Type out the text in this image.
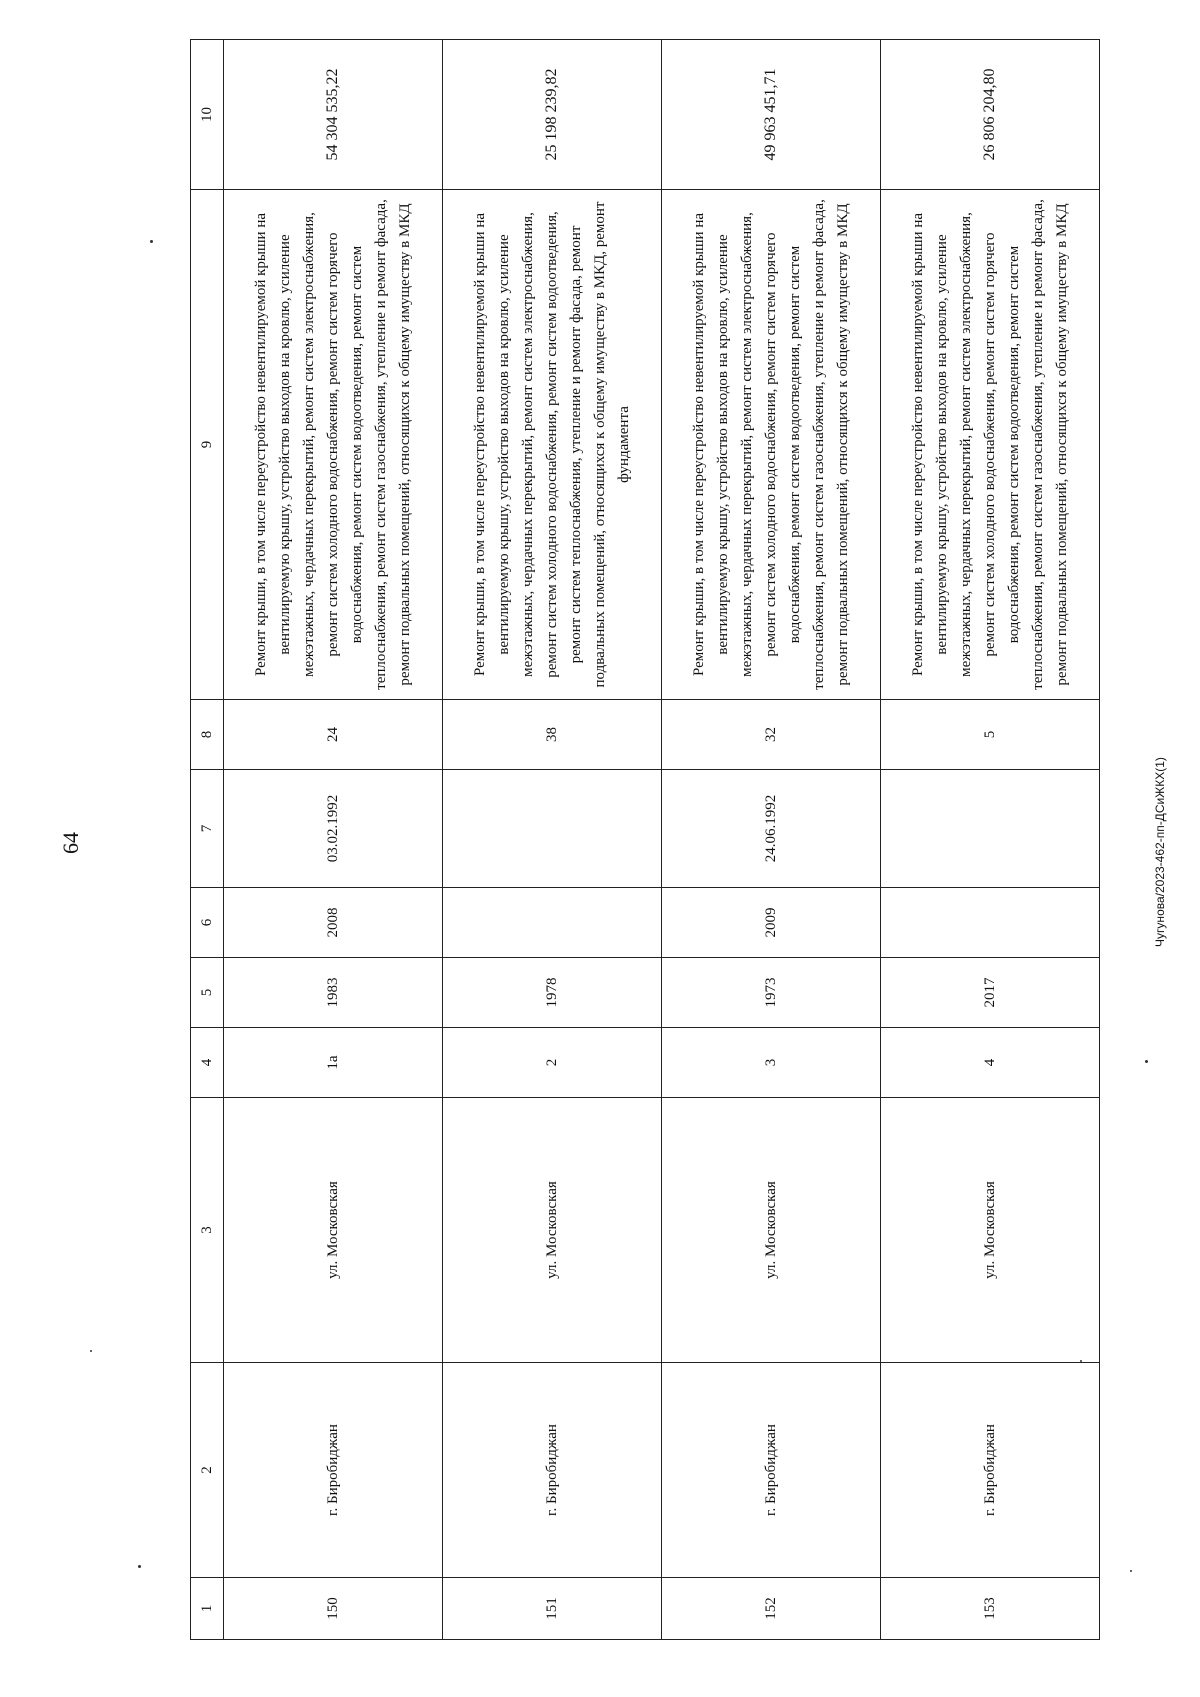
64	Чугунова/2023-462-пп-ДСиЖКХ(1)
1	2	3	4	5	6	7	8	9	10
150	г. Биробиджан	ул. Московская	1а	1983	2008	03.02.1992	24	Ремонт крыши, в том числе переустройство невентилируемой крыши на вентилируемую крышу, устройство выходов на кровлю, усиление межэтажных, чердачных перекрытий, ремонт систем электроснабжения, ремонт систем холодного водоснабжения, ремонт систем горячего водоснабжения, ремонт систем водоотведения, ремонт систем теплоснабжения, ремонт систем газоснабжения, утепление и ремонт фасада, ремонт подвальных помещений, относящихся к общему имуществу в МКД	54 304 535,22
151	г. Биробиджан	ул. Московская	2	1978			38	Ремонт крыши, в том числе переустройство невентилируемой крыши на вентилируемую крышу, устройство выходов на кровлю, усиление межэтажных, чердачных перекрытий, ремонт систем электроснабжения, ремонт систем холодного водоснабжения, ремонт систем водоотведения, ремонт систем теплоснабжения, утепление и ремонт фасада, ремонт подвальных помещений, относящихся к общему имуществу в МКД, ремонт фундамента	25 198 239,82
152	г. Биробиджан	ул. Московская	3	1973	2009	24.06.1992	32	Ремонт крыши, в том числе переустройство невентилируемой крыши на вентилируемую крышу, устройство выходов на кровлю, усиление межэтажных, чердачных перекрытий, ремонт систем электроснабжения, ремонт систем холодного водоснабжения, ремонт систем горячего водоснабжения, ремонт систем водоотведения, ремонт систем теплоснабжения, ремонт систем газоснабжения, утепление и ремонт фасада, ремонт подвальных помещений, относящихся к общему имуществу в МКД	49 963 451,71
153	г. Биробиджан	ул. Московская	4	2017			5	Ремонт крыши, в том числе переустройство невентилируемой крыши на вентилируемую крышу, устройство выходов на кровлю, усиление межэтажных, чердачных перекрытий, ремонт систем электроснабжения, ремонт систем холодного водоснабжения, ремонт систем горячего водоснабжения, ремонт систем водоотведения, ремонт систем теплоснабжения, ремонт систем газоснабжения, утепление и ремонт фасада, ремонт подвальных помещений, относящихся к общему имуществу в МКД	26 806 204,80
